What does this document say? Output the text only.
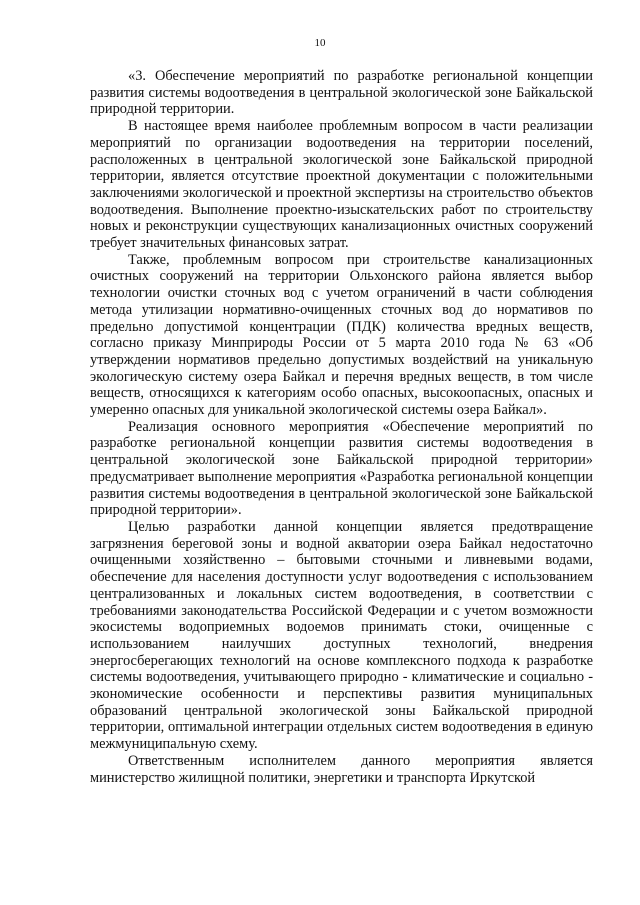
10

«3. Обеспечение мероприятий по разработке региональной концепции развития системы водоотведения в центральной экологической зоне Байкальской природной территории.

В настоящее время наиболее проблемным вопросом в части реализации мероприятий по организации водоотведения на территории поселений, расположенных в центральной экологической зоне Байкальской природной территории, является отсутствие проектной документации с положительными заключениями экологической и проектной экспертизы на строительство объектов водоотведения. Выполнение проектно-изыскательских работ по строительству новых и реконструкции существующих канализационных очистных сооружений требует значительных финансовых затрат.

Также, проблемным вопросом при строительстве канализационных очистных сооружений на территории Ольхонского района является выбор технологии очистки сточных вод с учетом ограничений в части соблюдения метода утилизации нормативно-очищенных сточных вод до нормативов по предельно допустимой концентрации (ПДК) количества вредных веществ, согласно приказу Минприроды России от 5 марта 2010 года № 63 «Об утверждении нормативов предельно допустимых воздействий на уникальную экологическую систему озера Байкал и перечня вредных веществ, в том числе веществ, относящихся к категориям особо опасных, высокоопасных, опасных и умеренно опасных для уникальной экологической системы озера Байкал».

Реализация основного мероприятия «Обеспечение мероприятий по разработке региональной концепции развития системы водоотведения в центральной экологической зоне Байкальской природной территории» предусматривает выполнение мероприятия «Разработка региональной концепции развития системы водоотведения в центральной экологической зоне Байкальской природной территории».

Целью разработки данной концепции является предотвращение загрязнения береговой зоны и водной акватории озера Байкал недостаточно очищенными хозяйственно – бытовыми сточными и ливневыми водами, обеспечение для населения доступности услуг водоотведения с использованием централизованных и локальных систем водоотведения, в соответствии с требованиями законодательства Российской Федерации и с учетом возможности экосистемы водоприемных водоемов принимать стоки, очищенные с использованием наилучших доступных технологий, внедрения энергосберегающих технологий на основе комплексного подхода к разработке системы водоотведения, учитывающего природно - климатические и социально - экономические особенности и перспективы развития муниципальных образований центральной экологической зоны Байкальской природной территории, оптимальной интеграции отдельных систем водоотведения в единую межмуниципальную схему.

Ответственным исполнителем данного мероприятия является министерство жилищной политики, энергетики и транспорта Иркутской
